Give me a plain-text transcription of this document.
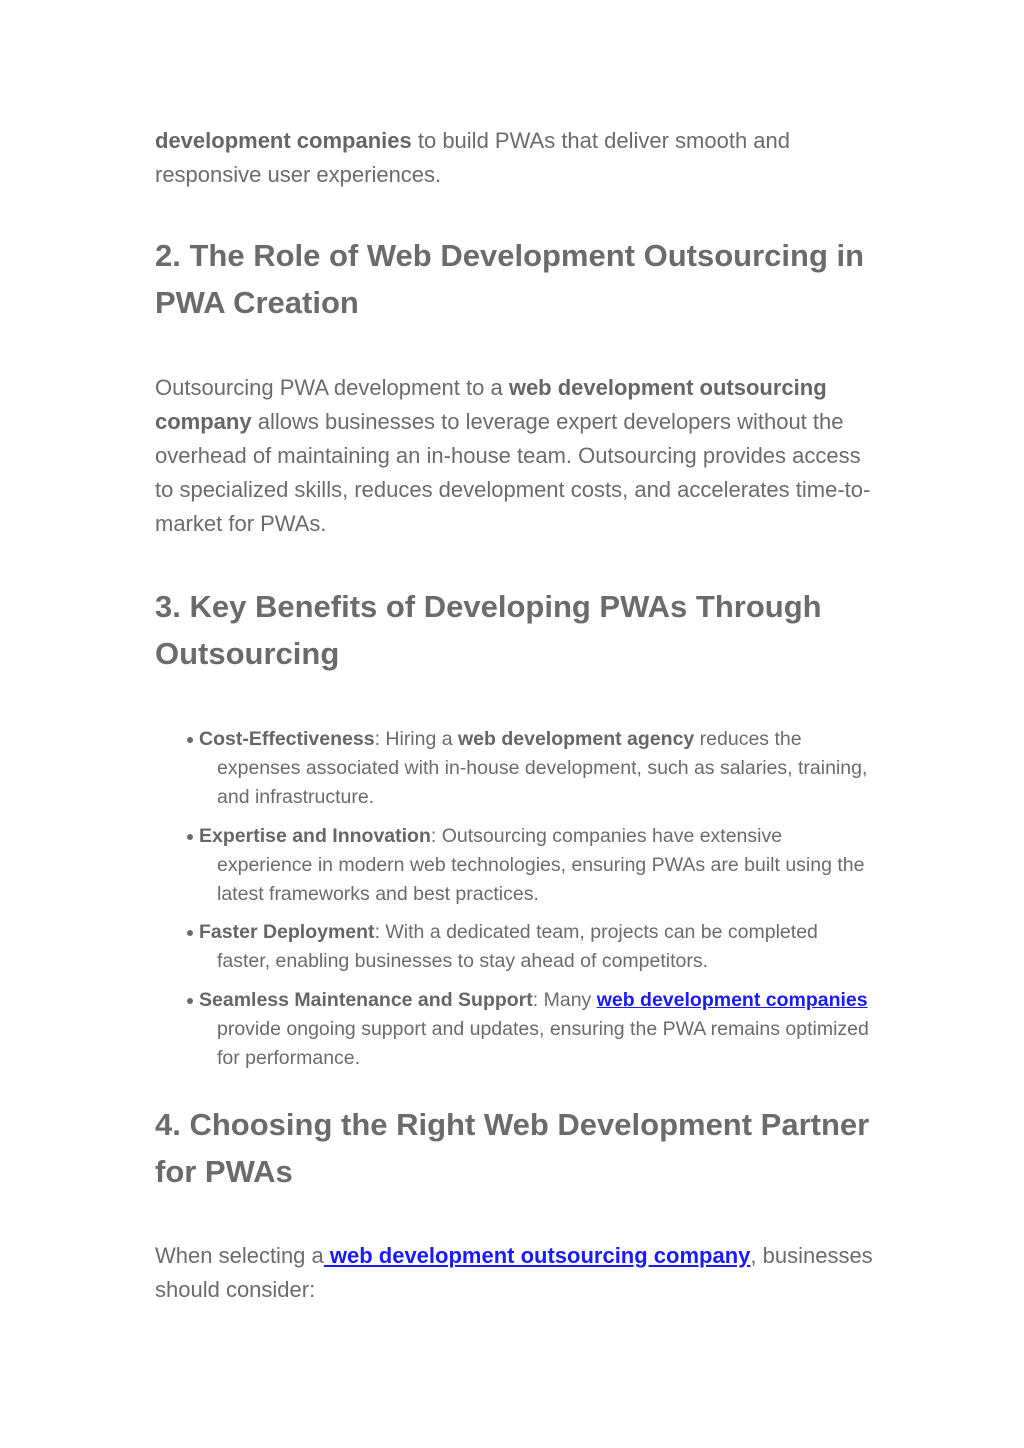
development companies to build PWAs that deliver smooth and responsive user experiences.

2. The Role of Web Development Outsourcing in PWA Creation

Outsourcing PWA development to a web development outsourcing company allows businesses to leverage expert developers without the overhead of maintaining an in-house team. Outsourcing provides access to specialized skills, reduces development costs, and accelerates time-to-market for PWAs.

3. Key Benefits of Developing PWAs Through Outsourcing
Cost-Effectiveness: Hiring a web development agency reduces the expenses associated with in-house development, such as salaries, training, and infrastructure.
Expertise and Innovation: Outsourcing companies have extensive experience in modern web technologies, ensuring PWAs are built using the latest frameworks and best practices.
Faster Deployment: With a dedicated team, projects can be completed faster, enabling businesses to stay ahead of competitors.
Seamless Maintenance and Support: Many web development companies provide ongoing support and updates, ensuring the PWA remains optimized for performance.
4. Choosing the Right Web Development Partner for PWAs

When selecting a web development outsourcing company, businesses should consider:
